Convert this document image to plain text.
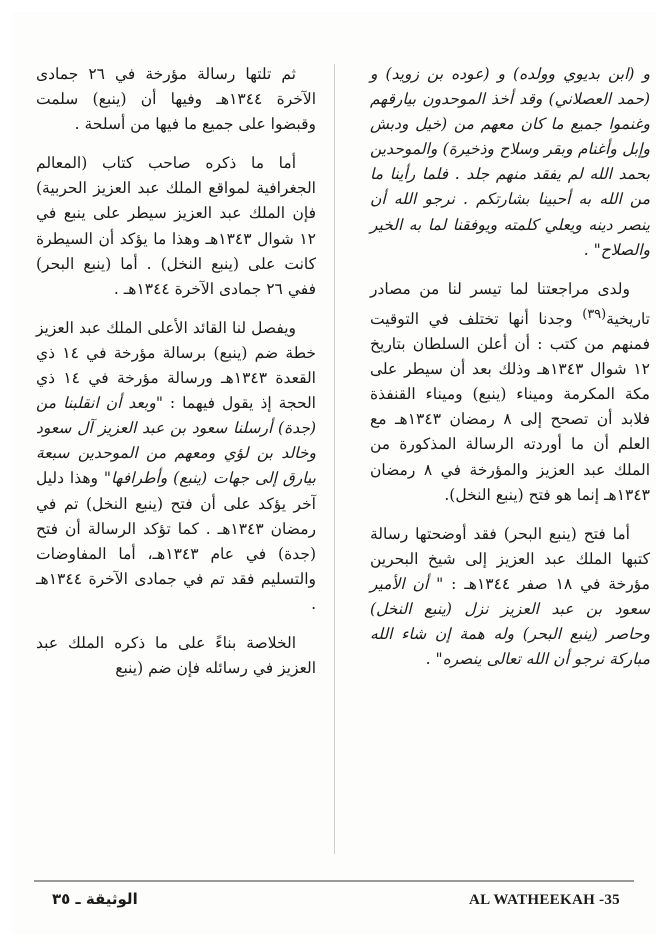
و (ابن بديوي وولده) و (عوده بن زويد) و (حمد العصلاني) وقد أخذ الموحدون بيارقهم وغنموا جميع ما كان معهم من (خيل ودبش وإبل وأغنام وبقر وسلاح وذخيرة) والموحدين بحمد الله لم يفقد منهم جلد . فلما رأينا ما من الله به أحبينا بشارتكم . نرجو الله أن ينصر دينه ويعلي كلمته ويوفقنا لما به الخير والصلاح" .

ولدى مراجعتنا لما تيسر لنا من مصادر تاريخية$^{(٣٩)}$ وجدنا أنها تختلف في التوقيت فمنهم من كتب : أن أعلن السلطان بتاريخ ١٢ شوال ١٣٤٣هـ وذلك بعد أن سيطر على مكة المكرمة وميناء (ينبع) وميناء القنفذة فلابد أن تصحح إلى ٨ رمضان ١٣٤٣هـ مع العلم أن ما أوردته الرسالة المذكورة من الملك عبد العزيز والمؤرخة في ٨ رمضان ١٣٤٣هـ إنما هو فتح (ينبع النخل).

أما فتح (ينبع البحر) فقد أوضحتها رسالة كتبها الملك عبد العزيز إلى شيخ البحرين مؤرخة في ١٨ صفر ١٣٤٤هـ : " أن الأمير سعود بن عبد العزيز نزل (ينبع النخل) وحاصر (ينبع البحر) وله همة إن شاء الله مباركة نرجو أن الله تعالى ينصره" .

ثم تلتها رسالة مؤرخة في ٢٦ جمادى الآخرة ١٣٤٤هـ وفيها أن (ينبع) سلمت وقبضوا على جميع ما فيها من أسلحة .

أما ما ذكره صاحب كتاب (المعالم الجغرافية لمواقع الملك عبد العزيز الحربية) فإن الملك عبد العزيز سيطر على ينبع في ١٢ شوال ١٣٤٣هـ وهذا ما يؤكد أن السيطرة كانت على (ينبع النخل) . أما (ينبع البحر) ففي ٢٦ جمادى الآخرة ١٣٤٤هـ .

ويفصل لنا القائد الأعلى الملك عبد العزيز خطة ضم (ينبع) برسالة مؤرخة في ١٤ ذي القعدة ١٣٤٣هـ ورسالة مؤرخة في ١٤ ذي الحجة إذ يقول فيهما : "وبعد أن انقلبنا من (جدة) أرسلنا سعود بن عبد العزيز آل سعود وخالد بن لؤي ومعهم من الموحدين سبعة بيارق إلى جهات (ينبع) وأطرافها" وهذا دليل آخر يؤكد على أن فتح (ينبع النخل) تم في رمضان ١٣٤٣هـ . كما تؤكد الرسالة أن فتح (جدة) في عام ١٣٤٣هـ، أما المفاوضات والتسليم فقد تم في جمادى الآخرة ١٣٤٤هـ .

الخلاصة بناءً على ما ذكره الملك عبد العزيز في رسائله فإن ضم (ينبع

الوثيقة ـ ٣٥	AL WATHEEKAH -35
